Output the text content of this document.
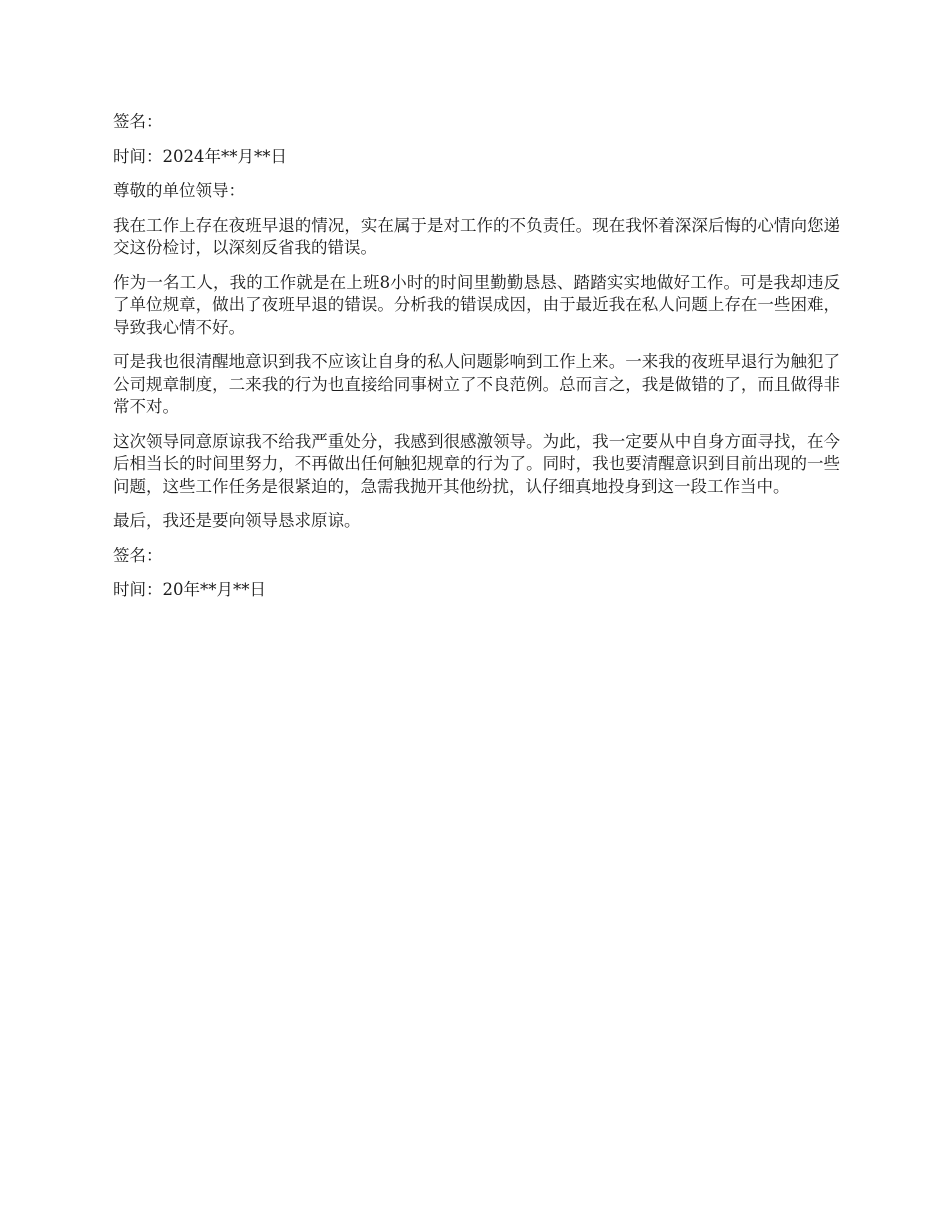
签名：

时间：2024年**月**日

尊敬的单位领导：

我在工作上存在夜班早退的情况，实在属于是对工作的不负责任。现在我怀着深深后悔的心情向您递交这份检讨，以深刻反省我的错误。

作为一名工人，我的工作就是在上班8小时的时间里勤勤恳恳、踏踏实实地做好工作。可是我却违反了单位规章，做出了夜班早退的错误。分析我的错误成因，由于最近我在私人问题上存在一些困难，导致我心情不好。

可是我也很清醒地意识到我不应该让自身的私人问题影响到工作上来。一来我的夜班早退行为触犯了公司规章制度，二来我的行为也直接给同事树立了不良范例。总而言之，我是做错的了，而且做得非常不对。

这次领导同意原谅我不给我严重处分，我感到很感激领导。为此，我一定要从中自身方面寻找，在今后相当长的时间里努力，不再做出任何触犯规章的行为了。同时，我也要清醒意识到目前出现的一些问题，这些工作任务是很紧迫的，急需我抛开其他纷扰，认仔细真地投身到这一段工作当中。

最后，我还是要向领导恳求原谅。

签名：

时间：20年**月**日
